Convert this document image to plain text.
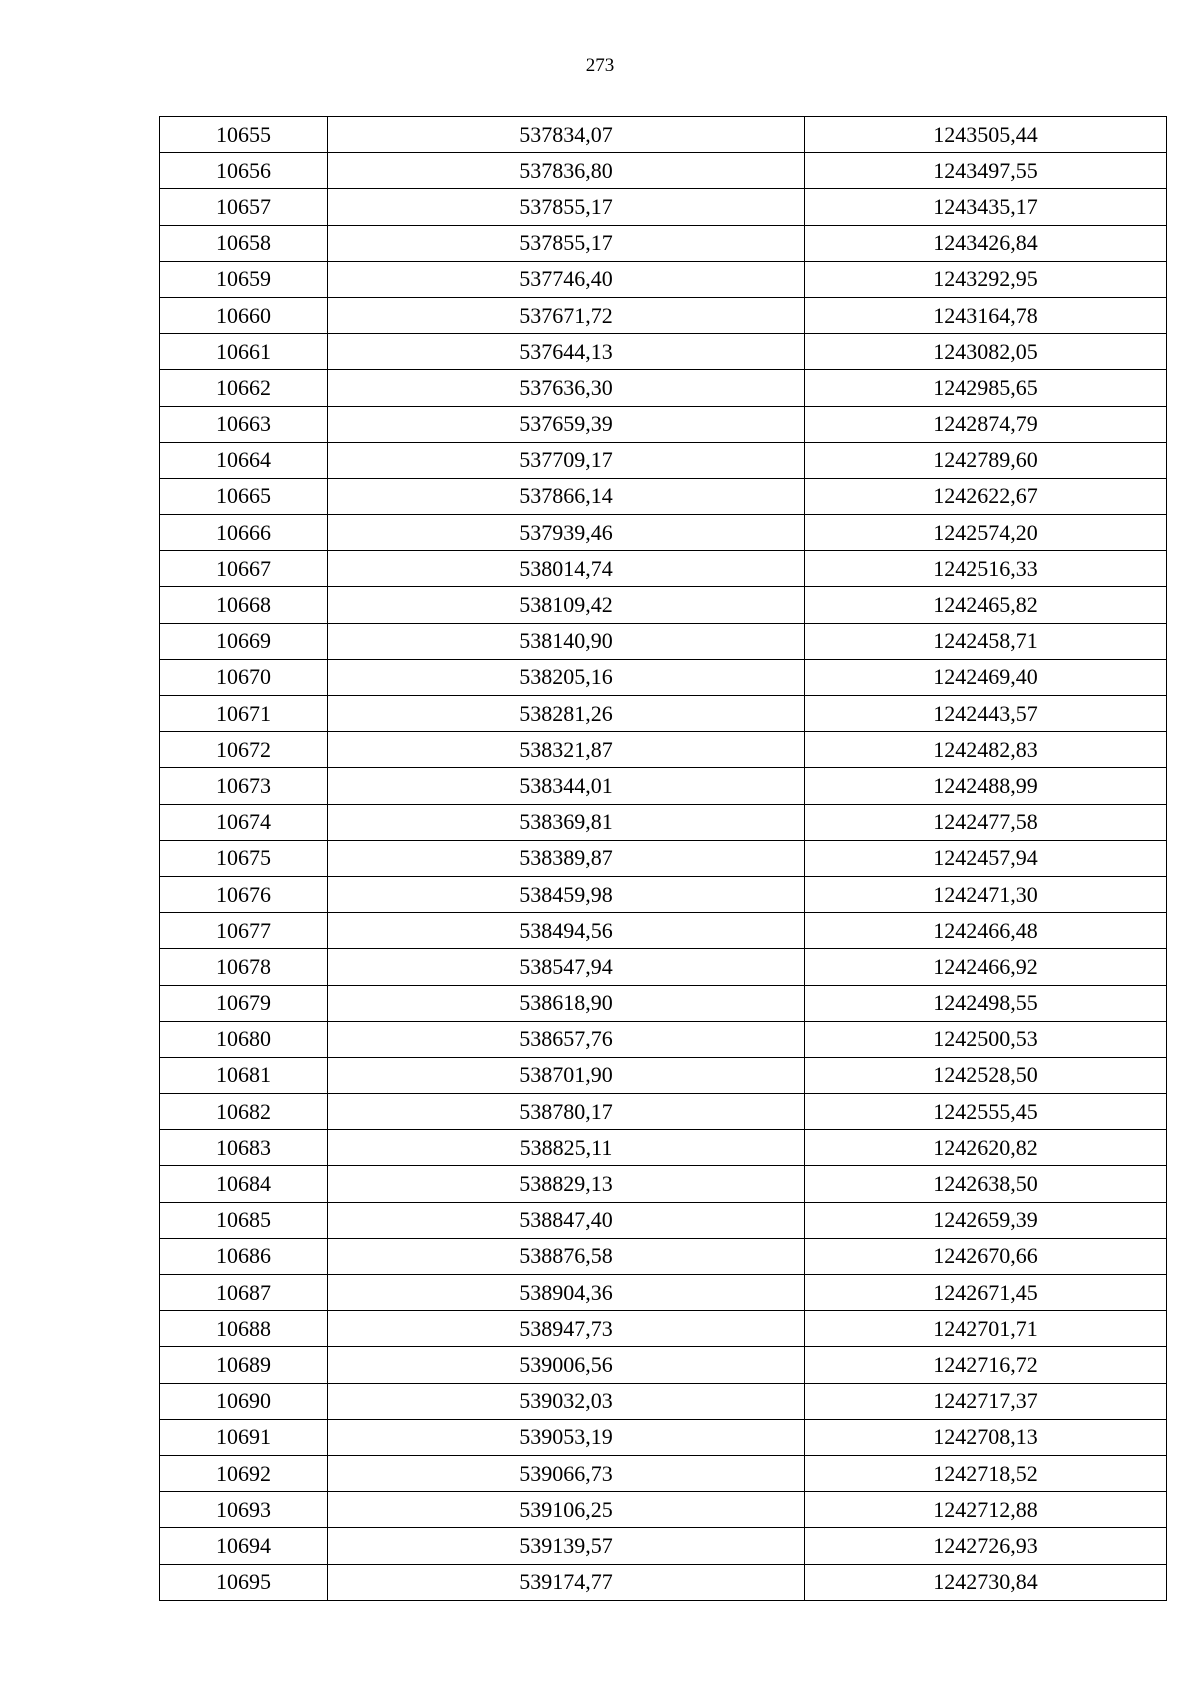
273
10655	537834,07	1243505,44
10656	537836,80	1243497,55
10657	537855,17	1243435,17
10658	537855,17	1243426,84
10659	537746,40	1243292,95
10660	537671,72	1243164,78
10661	537644,13	1243082,05
10662	537636,30	1242985,65
10663	537659,39	1242874,79
10664	537709,17	1242789,60
10665	537866,14	1242622,67
10666	537939,46	1242574,20
10667	538014,74	1242516,33
10668	538109,42	1242465,82
10669	538140,90	1242458,71
10670	538205,16	1242469,40
10671	538281,26	1242443,57
10672	538321,87	1242482,83
10673	538344,01	1242488,99
10674	538369,81	1242477,58
10675	538389,87	1242457,94
10676	538459,98	1242471,30
10677	538494,56	1242466,48
10678	538547,94	1242466,92
10679	538618,90	1242498,55
10680	538657,76	1242500,53
10681	538701,90	1242528,50
10682	538780,17	1242555,45
10683	538825,11	1242620,82
10684	538829,13	1242638,50
10685	538847,40	1242659,39
10686	538876,58	1242670,66
10687	538904,36	1242671,45
10688	538947,73	1242701,71
10689	539006,56	1242716,72
10690	539032,03	1242717,37
10691	539053,19	1242708,13
10692	539066,73	1242718,52
10693	539106,25	1242712,88
10694	539139,57	1242726,93
10695	539174,77	1242730,84
